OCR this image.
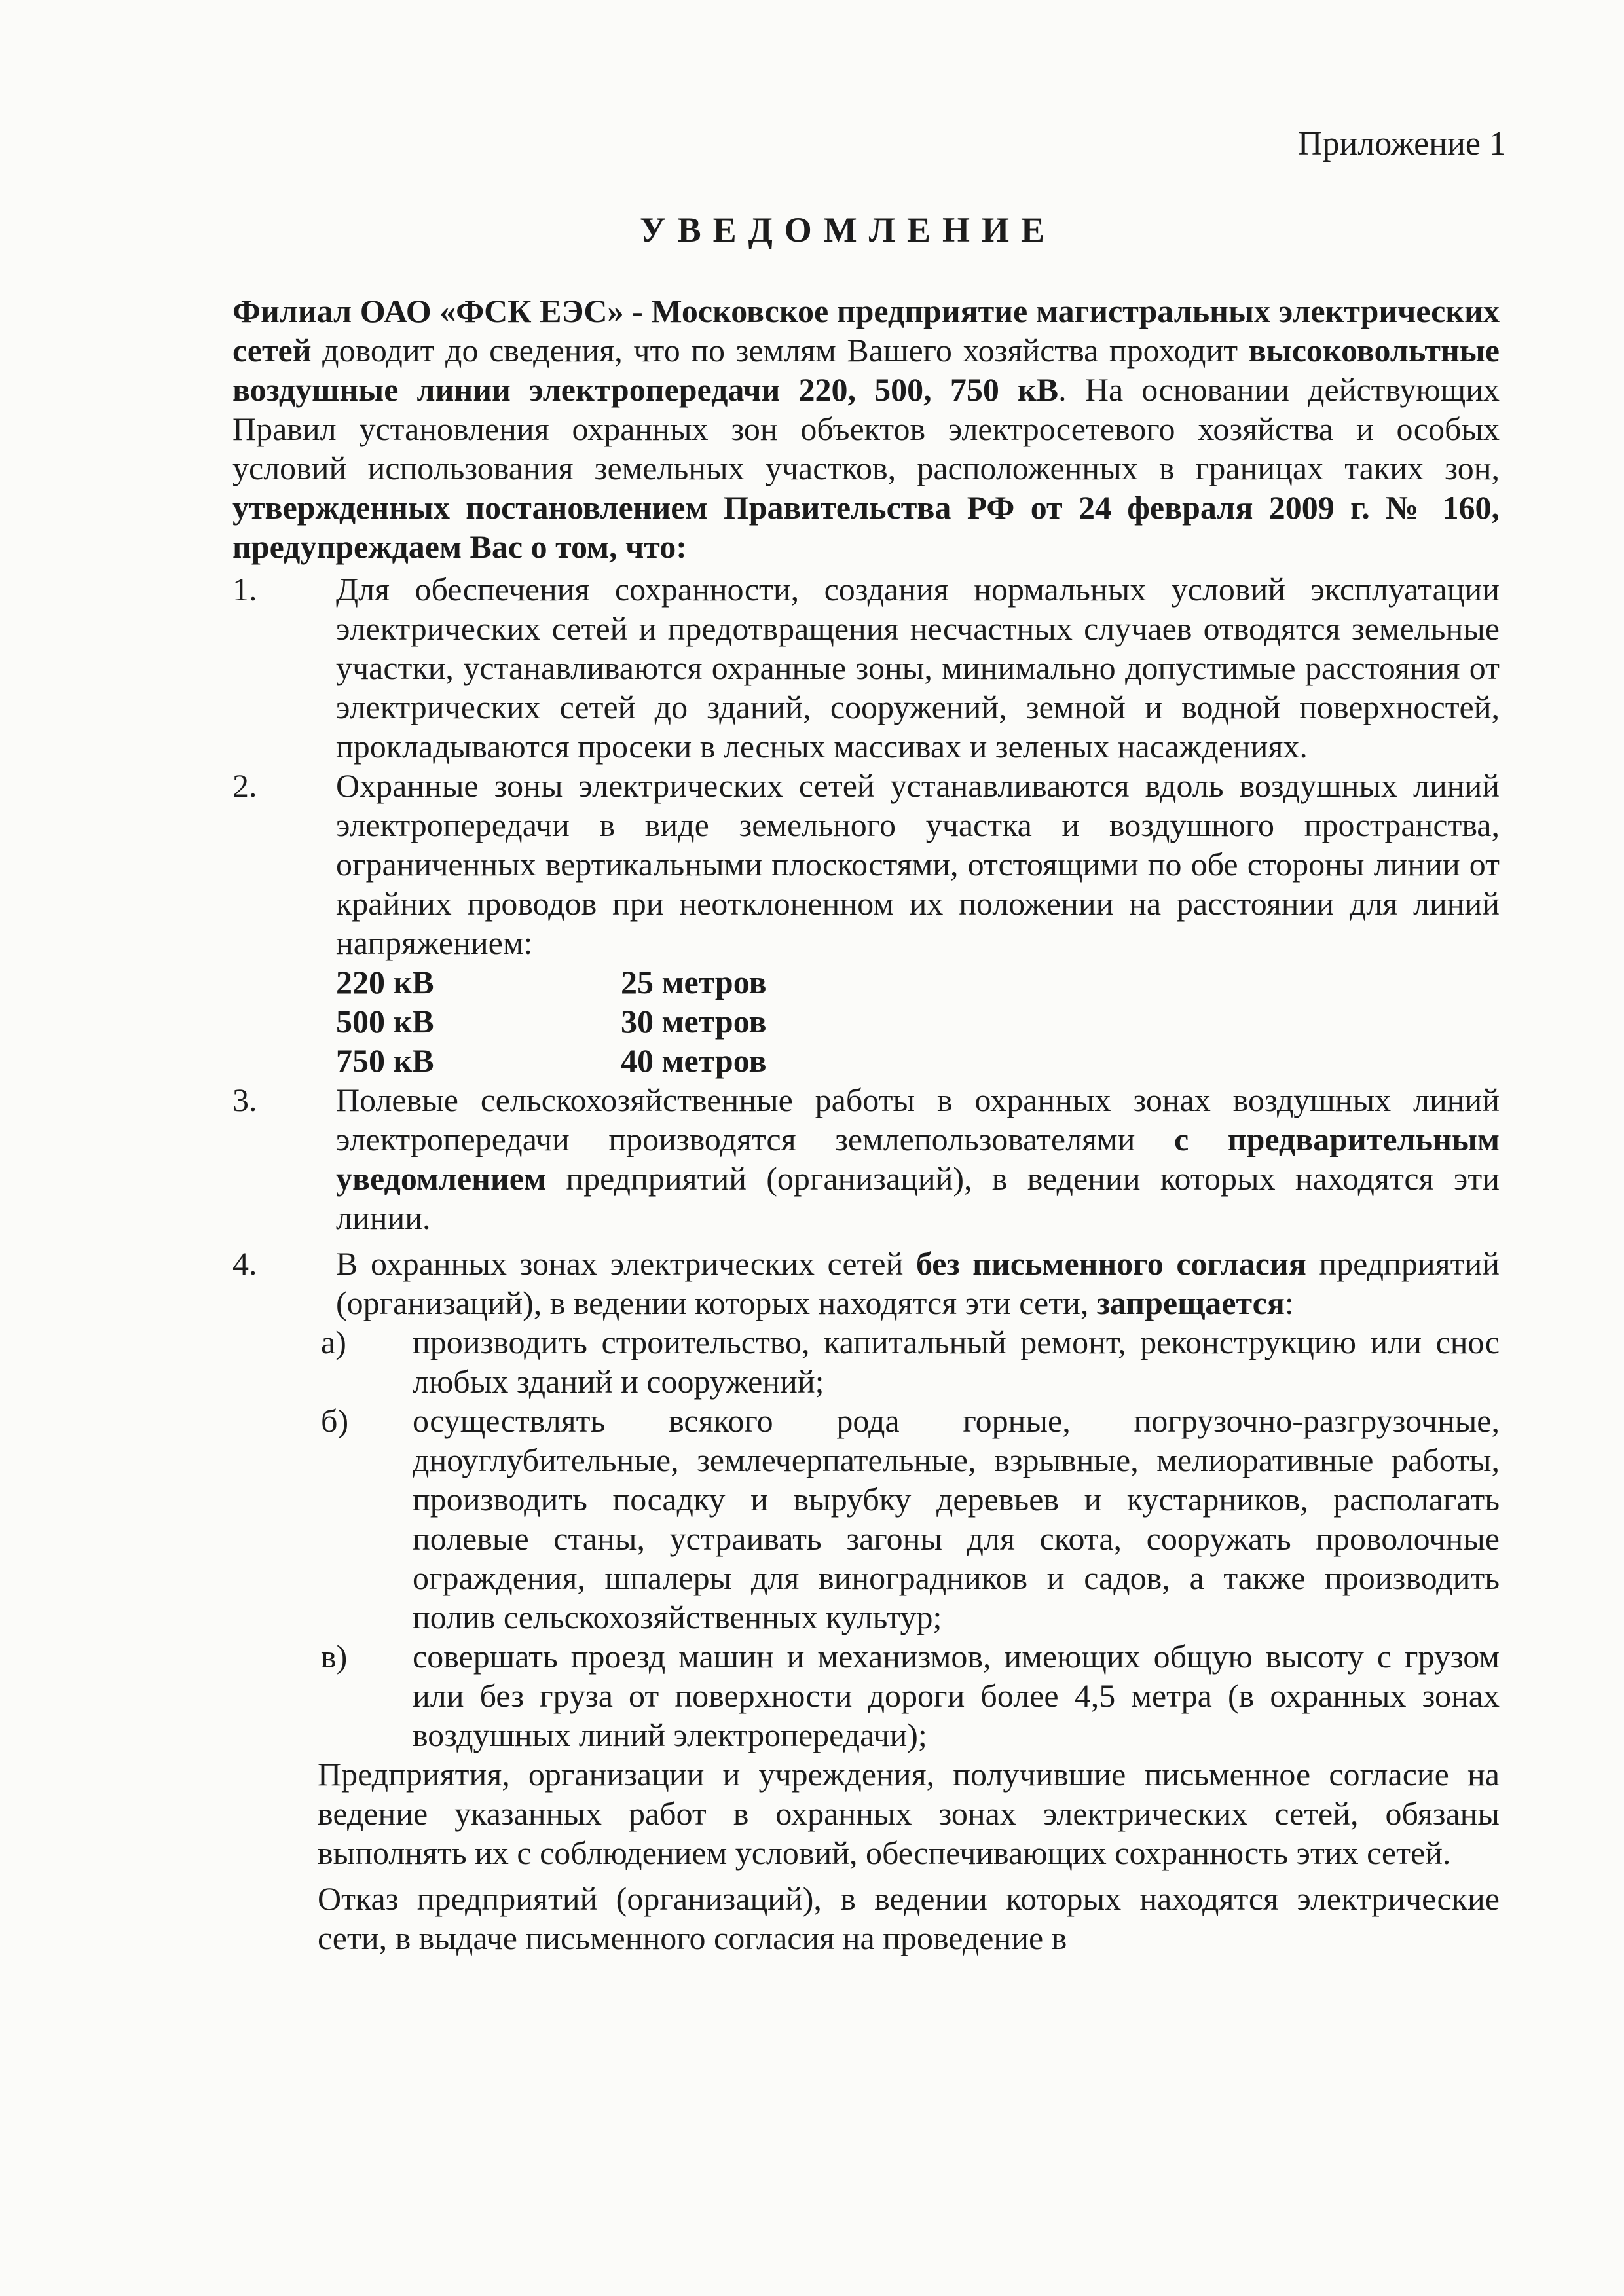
Приложение 1
УВЕДОМЛЕНИЕ
Филиал ОАО «ФСК ЕЭС» - Московское предприятие магистральных электрических сетей доводит до сведения, что по землям Вашего хозяйства проходит высоковольтные воздушные линии электропередачи 220, 500, 750 кВ. На основании действующих Правил установления охранных зон объектов электросетевого хозяйства и особых условий использования земельных участков, расположенных в границах таких зон, утвержденных постановлением Правительства РФ от 24 февраля 2009 г. № 160, предупреждаем Вас о том, что:
1. Для обеспечения сохранности, создания нормальных условий эксплуатации электрических сетей и предотвращения несчастных случаев отводятся земельные участки, устанавливаются охранные зоны, минимально допустимые расстояния от электрических сетей до зданий, сооружений, земной и водной поверхностей, прокладываются просеки в лесных массивах и зеленых насаждениях.
2. Охранные зоны электрических сетей устанавливаются вдоль воздушных линий электропередачи в виде земельного участка и воздушного пространства, ограниченных вертикальными плоскостями, отстоящими по обе стороны линии от крайних проводов при неотклоненном их положении на расстоянии для линий напряжением:
220 кВ	25 метров
500 кВ	30 метров
750 кВ	40 метров
3. Полевые сельскохозяйственные работы в охранных зонах воздушных линий электропередачи производятся землепользователями с предварительным уведомлением предприятий (организаций), в ведении которых находятся эти линии.
4. В охранных зонах электрических сетей без письменного согласия предприятий (организаций), в ведении которых находятся эти сети, запрещается:
а) производить строительство, капитальный ремонт, реконструкцию или снос любых зданий и сооружений;
б) осуществлять всякого рода горные, погрузочно-разгрузочные, дноуглубительные, землечерпательные, взрывные, мелиоративные работы, производить посадку и вырубку деревьев и кустарников, располагать полевые станы, устраивать загоны для скота, сооружать проволочные ограждения, шпалеры для виноградников и садов, а также производить полив сельскохозяйственных культур;
в) совершать проезд машин и механизмов, имеющих общую высоту с грузом или без груза от поверхности дороги более 4,5 метра (в охранных зонах воздушных линий электропередачи);
Предприятия, организации и учреждения, получившие письменное согласие на ведение указанных работ в охранных зонах электрических сетей, обязаны выполнять их с соблюдением условий, обеспечивающих сохранность этих сетей.
Отказ предприятий (организаций), в ведении которых находятся электрические сети, в выдаче письменного согласия на проведение в
